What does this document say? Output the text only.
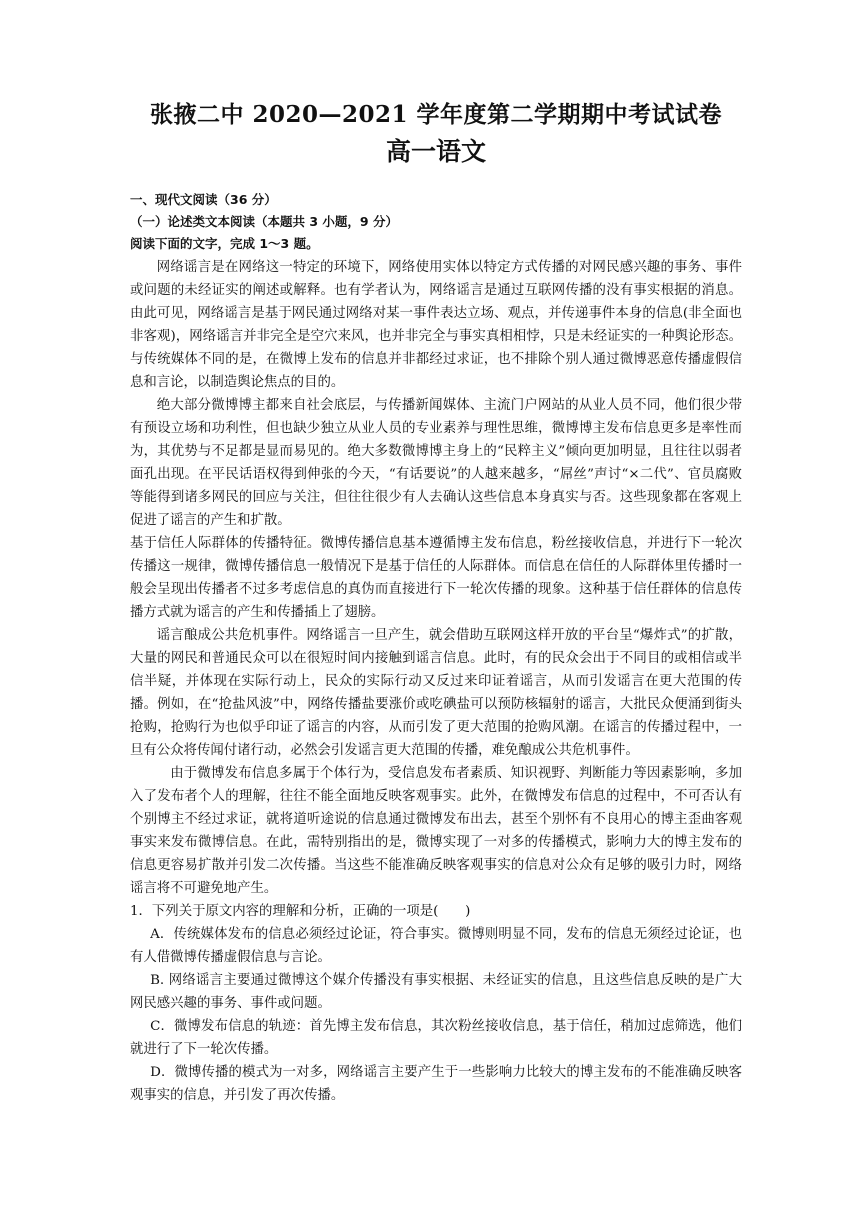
张掖二中 2020—2021 学年度第二学期期中考试试卷
高一语文

一、现代文阅读（36 分）

（一）论述类文本阅读（本题共 3 小题，9 分）

阅读下面的文字，完成 1～3 题。

网络谣言是在网络这一特定的环境下，网络使用实体以特定方式传播的对网民感兴趣的事务、事件或问题的未经证实的阐述或解释。也有学者认为，网络谣言是通过互联网传播的没有事实根据的消息。由此可见，网络谣言是基于网民通过网络对某一事件表达立场、观点，并传递事件本身的信息(非全面也非客观)，网络谣言并非完全是空穴来风，也并非完全与事实真相相悖，只是未经证实的一种舆论形态。与传统媒体不同的是，在微博上发布的信息并非都经过求证，也不排除个别人通过微博恶意传播虚假信息和言论，以制造舆论焦点的目的。

绝大部分微博博主都来自社会底层，与传播新闻媒体、主流门户网站的从业人员不同，他们很少带有预设立场和功利性，但也缺少独立从业人员的专业素养与理性思维，微博博主发布信息更多是率性而为，其优势与不足都是显而易见的。绝大多数微博博主身上的“民粹主义”倾向更加明显，且往往以弱者面孔出现。在平民话语权得到伸张的今天，“有话要说”的人越来越多，“屌丝”声讨“×二代”、官员腐败等能得到诸多网民的回应与关注，但往往很少有人去确认这些信息本身真实与否。这些现象都在客观上促进了谣言的产生和扩散。

基于信任人际群体的传播特征。微博传播信息基本遵循博主发布信息，粉丝接收信息，并进行下一轮次传播这一规律，微博传播信息一般情况下是基于信任的人际群体。而信息在信任的人际群体里传播时一般会呈现出传播者不过多考虑信息的真伪而直接进行下一轮次传播的现象。这种基于信任群体的信息传播方式就为谣言的产生和传播插上了翅膀。

谣言酿成公共危机事件。网络谣言一旦产生，就会借助互联网这样开放的平台呈“爆炸式”的扩散，大量的网民和普通民众可以在很短时间内接触到谣言信息。此时，有的民众会出于不同目的或相信或半信半疑，并体现在实际行动上，民众的实际行动又反过来印证着谣言，从而引发谣言在更大范围的传播。例如，在“抢盐风波”中，网络传播盐要涨价或吃碘盐可以预防核辐射的谣言，大批民众便涌到街头抢购，抢购行为也似乎印证了谣言的内容，从而引发了更大范围的抢购风潮。在谣言的传播过程中，一旦有公众将传闻付诸行动，必然会引发谣言更大范围的传播，难免酿成公共危机事件。

由于微博发布信息多属于个体行为，受信息发布者素质、知识视野、判断能力等因素影响，多加入了发布者个人的理解，往往不能全面地反映客观事实。此外，在微博发布信息的过程中，不可否认有个别博主不经过求证，就将道听途说的信息通过微博发布出去，甚至个别怀有不良用心的博主歪曲客观事实来发布微博信息。在此，需特别指出的是，微博实现了一对多的传播模式，影响力大的博主发布的信息更容易扩散并引发二次传播。当这些不能准确反映客观事实的信息对公众有足够的吸引力时，网络谣言将不可避免地产生。

1．下列关于原文内容的理解和分析，正确的一项是(　　)

A．传统媒体发布的信息必须经过论证，符合事实。微博则明显不同，发布的信息无须经过论证，也有人借微博传播虚假信息与言论。

B. 网络谣言主要通过微博这个媒介传播没有事实根据、未经证实的信息，且这些信息反映的是广大网民感兴趣的事务、事件或问题。

C．微博发布信息的轨迹：首先博主发布信息，其次粉丝接收信息，基于信任，稍加过虑筛选，他们就进行了下一轮次传播。

D．微博传播的模式为一对多，网络谣言主要产生于一些影响力比较大的博主发布的不能准确反映客观事实的信息，并引发了再次传播。
